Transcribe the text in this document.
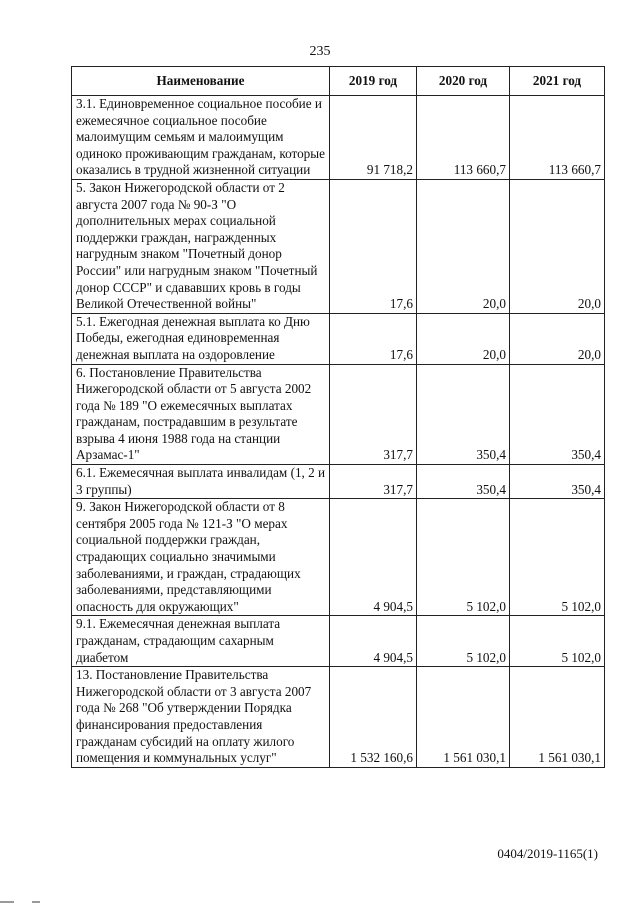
235
Наименование	2019 год	2020 год	2021 год
3.1. Единовременное социальное пособие и ежемесячное социальное пособие малоимущим семьям и малоимущим одиноко проживающим гражданам, которые оказались в трудной жизненной ситуации	91 718,2	113 660,7	113 660,7
5. Закон Нижегородской области от 2 августа 2007 года № 90-З "О дополнительных мерах социальной поддержки граждан, награжденных нагрудным знаком "Почетный донор России" или нагрудным знаком "Почетный донор СССР" и сдававших кровь в годы Великой Отечественной войны"	17,6	20,0	20,0
5.1. Ежегодная денежная выплата ко Дню Победы, ежегодная единовременная денежная выплата на оздоровление	17,6	20,0	20,0
6. Постановление Правительства Нижегородской области от 5 августа 2002 года № 189 "О ежемесячных выплатах гражданам, пострадавшим в результате взрыва 4 июня 1988 года на станции Арзамас-1"	317,7	350,4	350,4
6.1. Ежемесячная выплата инвалидам (1, 2 и 3 группы)	317,7	350,4	350,4
9. Закон Нижегородской области от 8 сентября 2005 года № 121-З "О мерах социальной поддержки граждан, страдающих социально значимыми заболеваниями, и граждан, страдающих заболеваниями, представляющими опасность для окружающих"	4 904,5	5 102,0	5 102,0
9.1. Ежемесячная денежная выплата гражданам, страдающим сахарным диабетом	4 904,5	5 102,0	5 102,0
13. Постановление Правительства Нижегородской области от 3 августа 2007 года № 268 "Об утверждении Порядка финансирования предоставления гражданам субсидий на оплату жилого помещения и коммунальных услуг"	1 532 160,6	1 561 030,1	1 561 030,1
0404/2019-1165(1)
